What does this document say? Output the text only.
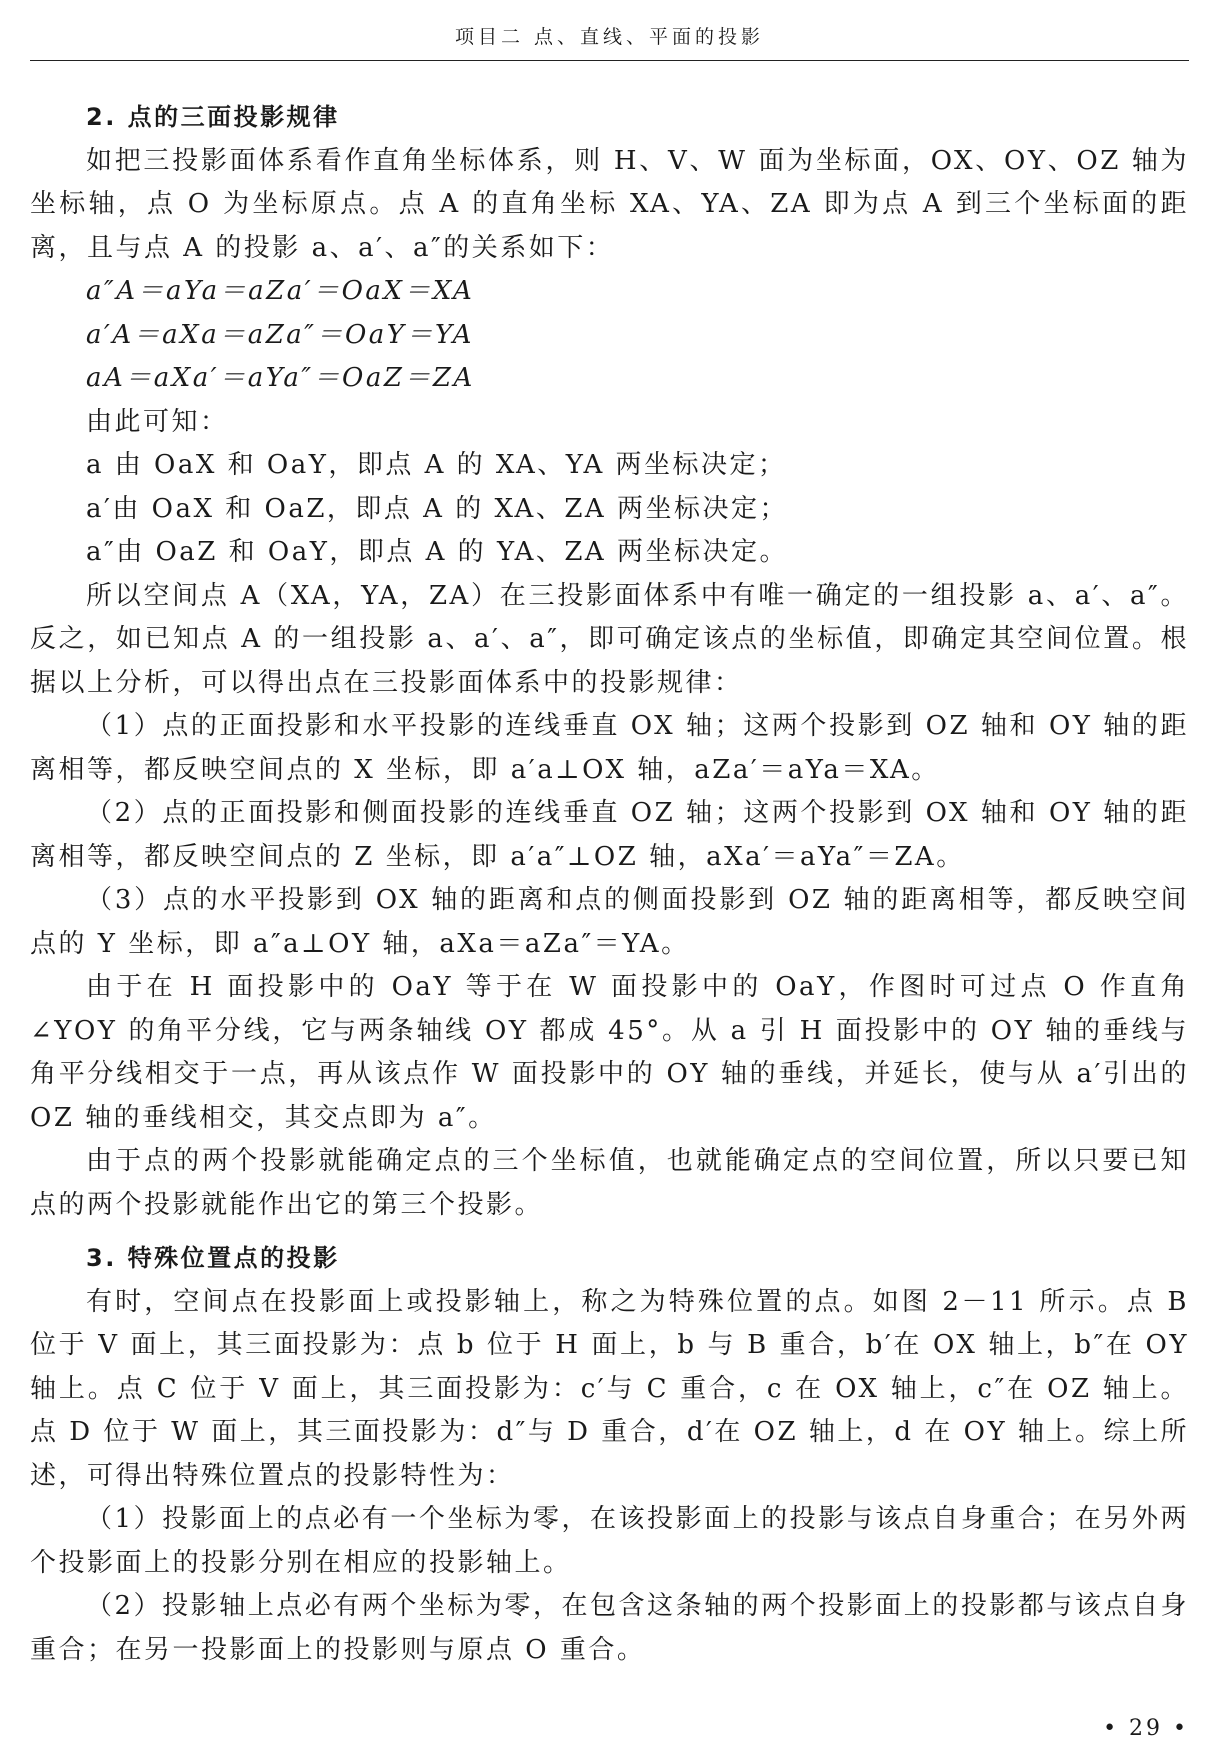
项目二 点、直线、平面的投影

2. 点的三面投影规律

如把三投影面体系看作直角坐标体系，则 H、V、W 面为坐标面，OX、OY、OZ 轴为坐标轴，点 O 为坐标原点。点 A 的直角坐标 XA、YA、ZA 即为点 A 到三个坐标面的距离，且与点 A 的投影 a、a′、a″的关系如下：

a″A＝aYa＝aZa′＝OaX＝XA

a′A＝aXa＝aZa″＝OaY＝YA

aA＝aXa′＝aYa″＝OaZ＝ZA

由此可知：

a 由 OaX 和 OaY，即点 A 的 XA、YA 两坐标决定；

a′由 OaX 和 OaZ，即点 A 的 XA、ZA 两坐标决定；

a″由 OaZ 和 OaY，即点 A 的 YA、ZA 两坐标决定。

所以空间点 A（XA，YA，ZA）在三投影面体系中有唯一确定的一组投影 a、a′、a″。反之，如已知点 A 的一组投影 a、a′、a″，即可确定该点的坐标值，即确定其空间位置。根据以上分析，可以得出点在三投影面体系中的投影规律：

（1）点的正面投影和水平投影的连线垂直 OX 轴；这两个投影到 OZ 轴和 OY 轴的距离相等，都反映空间点的 X 坐标，即 a′a⊥OX 轴，aZa′＝aYa＝XA。

（2）点的正面投影和侧面投影的连线垂直 OZ 轴；这两个投影到 OX 轴和 OY 轴的距离相等，都反映空间点的 Z 坐标，即 a′a″⊥OZ 轴，aXa′＝aYa″＝ZA。

（3）点的水平投影到 OX 轴的距离和点的侧面投影到 OZ 轴的距离相等，都反映空间点的 Y 坐标，即 a″a⊥OY 轴，aXa＝aZa″＝YA。

由于在 H 面投影中的 OaY 等于在 W 面投影中的 OaY，作图时可过点 O 作直角∠YOY 的角平分线，它与两条轴线 OY 都成 45°。从 a 引 H 面投影中的 OY 轴的垂线与角平分线相交于一点，再从该点作 W 面投影中的 OY 轴的垂线，并延长，使与从 a′引出的 OZ 轴的垂线相交，其交点即为 a″。

由于点的两个投影就能确定点的三个坐标值，也就能确定点的空间位置，所以只要已知点的两个投影就能作出它的第三个投影。

3. 特殊位置点的投影

有时，空间点在投影面上或投影轴上，称之为特殊位置的点。如图 2－11 所示。点 B 位于 V 面上，其三面投影为：点 b 位于 H 面上，b 与 B 重合，b′在 OX 轴上，b″在 OY 轴上。点 C 位于 V 面上，其三面投影为：c′与 C 重合，c 在 OX 轴上，c″在 OZ 轴上。点 D 位于 W 面上，其三面投影为：d″与 D 重合，d′在 OZ 轴上，d 在 OY 轴上。综上所述，可得出特殊位置点的投影特性为：

（1）投影面上的点必有一个坐标为零，在该投影面上的投影与该点自身重合；在另外两个投影面上的投影分别在相应的投影轴上。

（2）投影轴上点必有两个坐标为零，在包含这条轴的两个投影面上的投影都与该点自身重合；在另一投影面上的投影则与原点 O 重合。

• 29 •
